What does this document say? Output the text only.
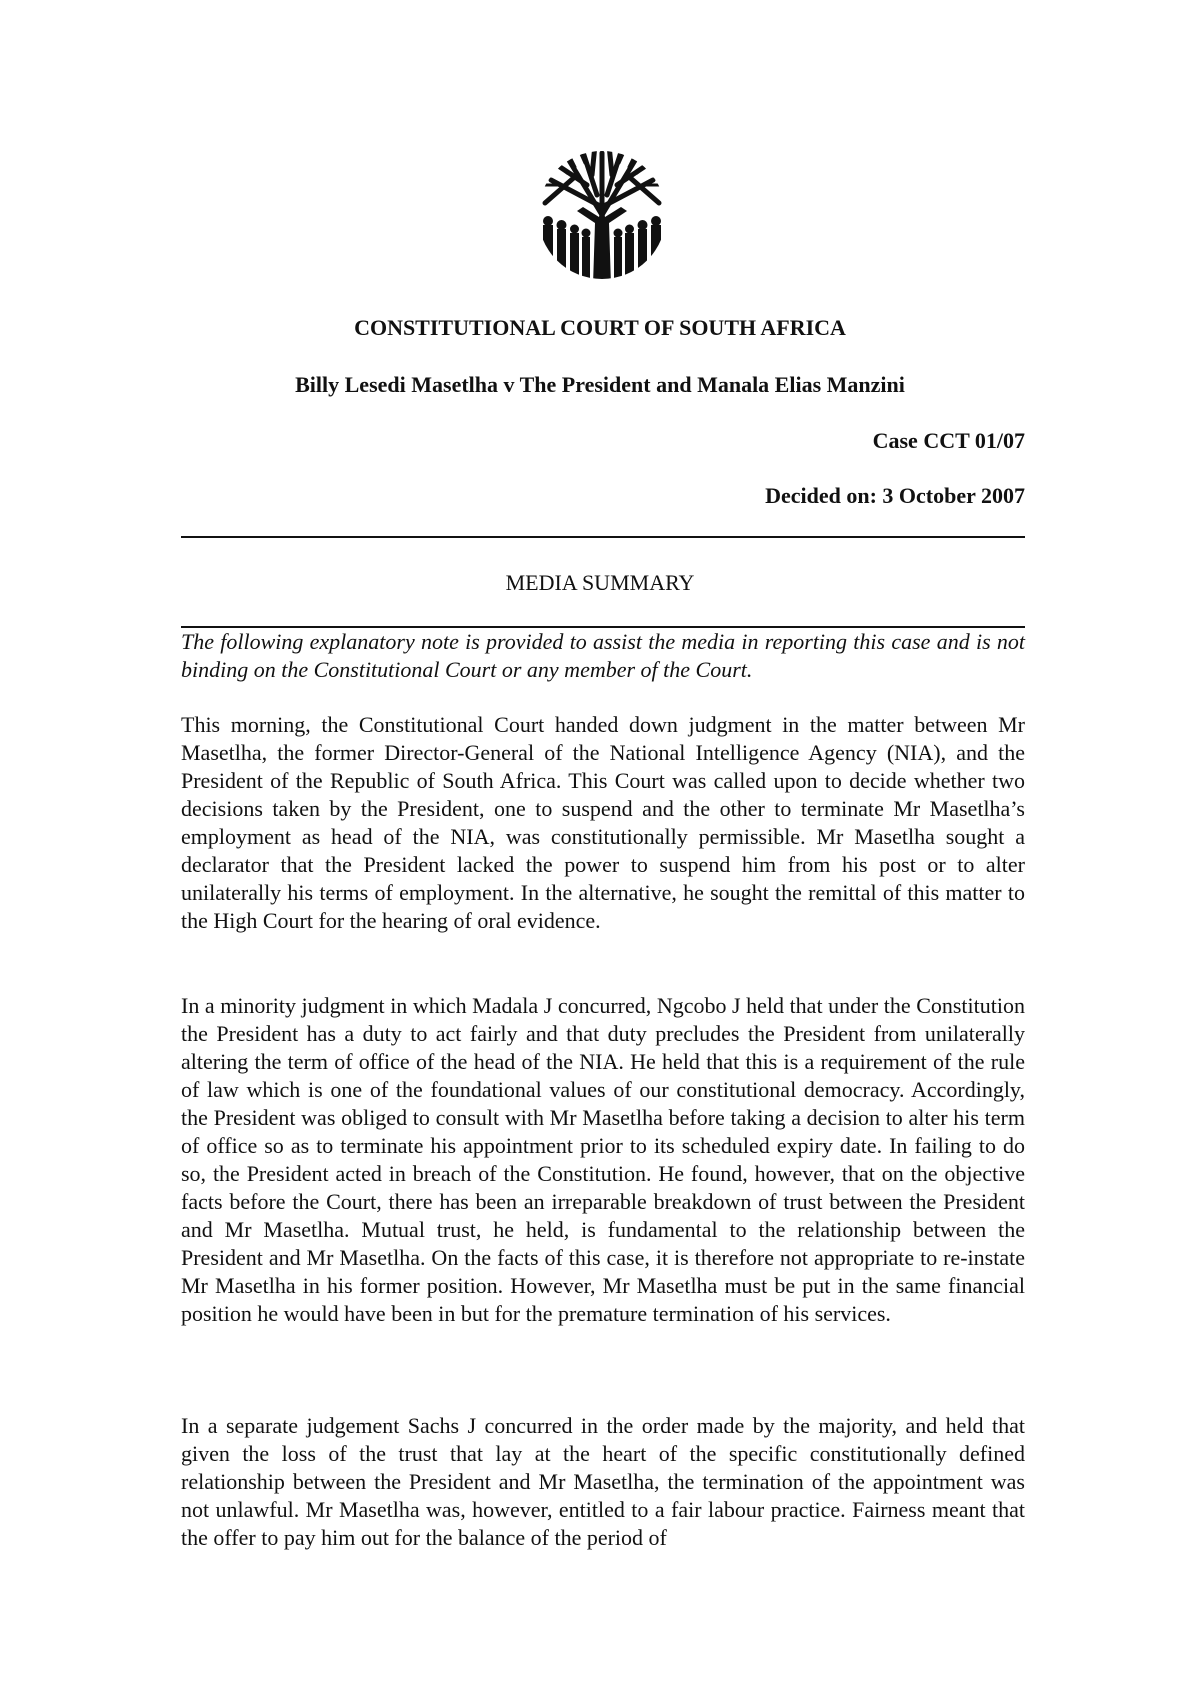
CONSTITUTIONAL COURT OF SOUTH AFRICA
Billy Lesedi Masetlha v The President and Manala Elias Manzini
Case CCT 01/07
Decided on: 3 October 2007
MEDIA SUMMARY

The following explanatory note is provided to assist the media in reporting this case and is not binding on the Constitutional Court or any member of the Court.

This morning, the Constitutional Court handed down judgment in the matter between Mr Masetlha, the former Director-General of the National Intelligence Agency (NIA), and the President of the Republic of South Africa. This Court was called upon to decide whether two decisions taken by the President, one to suspend and the other to terminate Mr Masetlha’s employment as head of the NIA, was constitutionally permissible. Mr Masetlha sought a declarator that the President lacked the power to suspend him from his post or to alter unilaterally his terms of employment. In the alternative, he sought the remittal of this matter to the High Court for the hearing of oral evidence.

In a minority judgment in which Madala J concurred, Ngcobo J held that under the Constitution the President has a duty to act fairly and that duty precludes the President from unilaterally altering the term of office of the head of the NIA. He held that this is a requirement of the rule of law which is one of the foundational values of our constitutional democracy. Accordingly, the President was obliged to consult with Mr Masetlha before taking a decision to alter his term of office so as to terminate his appointment prior to its scheduled expiry date. In failing to do so, the President acted in breach of the Constitution. He found, however, that on the objective facts before the Court, there has been an irreparable breakdown of trust between the President and Mr Masetlha. Mutual trust, he held, is fundamental to the relationship between the President and Mr Masetlha. On the facts of this case, it is therefore not appropriate to re-instate Mr Masetlha in his former position. However, Mr Masetlha must be put in the same financial position he would have been in but for the premature termination of his services.

In a separate judgement Sachs J concurred in the order made by the majority, and held that given the loss of the trust that lay at the heart of the specific constitutionally defined relationship between the President and Mr Masetlha, the termination of the appointment was not unlawful. Mr Masetlha was, however, entitled to a fair labour practice. Fairness meant that the offer to pay him out for the balance of the period of
